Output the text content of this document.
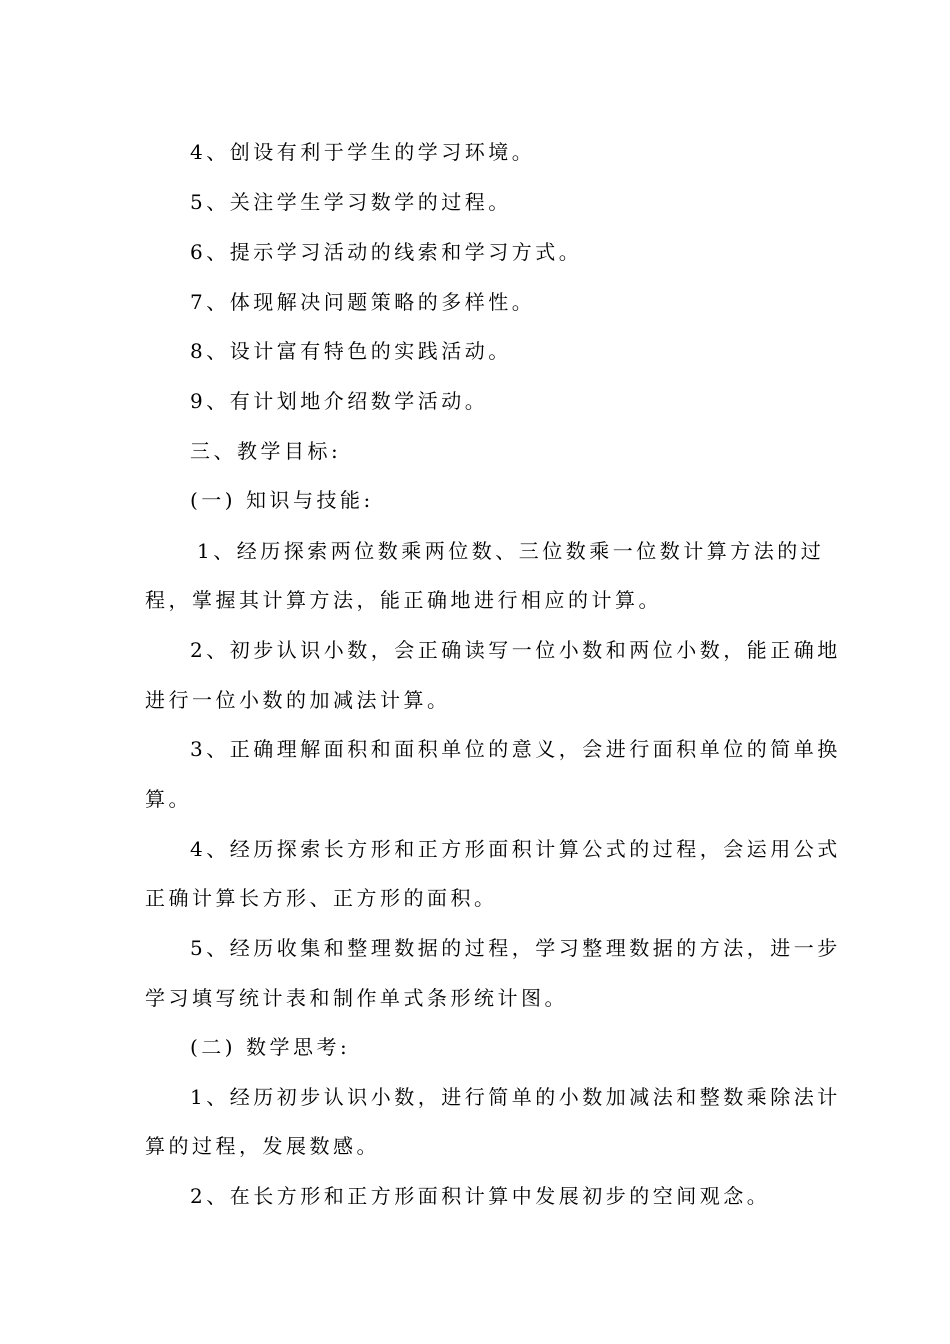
4、创设有利于学生的学习环境。
5、关注学生学习数学的过程。
6、提示学习活动的线索和学习方式。
7、体现解决问题策略的多样性。
8、设计富有特色的实践活动。
9、有计划地介绍数学活动。
三、教学目标:
(一) 知识与技能:
1、经历探索两位数乘两位数、三位数乘一位数计算方法的过
程，掌握其计算方法，能正确地进行相应的计算。
2、初步认识小数，会正确读写一位小数和两位小数，能正确地
进行一位小数的加减法计算。
3、正确理解面积和面积单位的意义，会进行面积单位的简单换
算。
4、经历探索长方形和正方形面积计算公式的过程，会运用公式
正确计算长方形、正方形的面积。
5、经历收集和整理数据的过程，学习整理数据的方法，进一步
学习填写统计表和制作单式条形统计图。
(二) 数学思考:
1、经历初步认识小数，进行简单的小数加减法和整数乘除法计
算的过程，发展数感。
2、在长方形和正方形面积计算中发展初步的空间观念。
